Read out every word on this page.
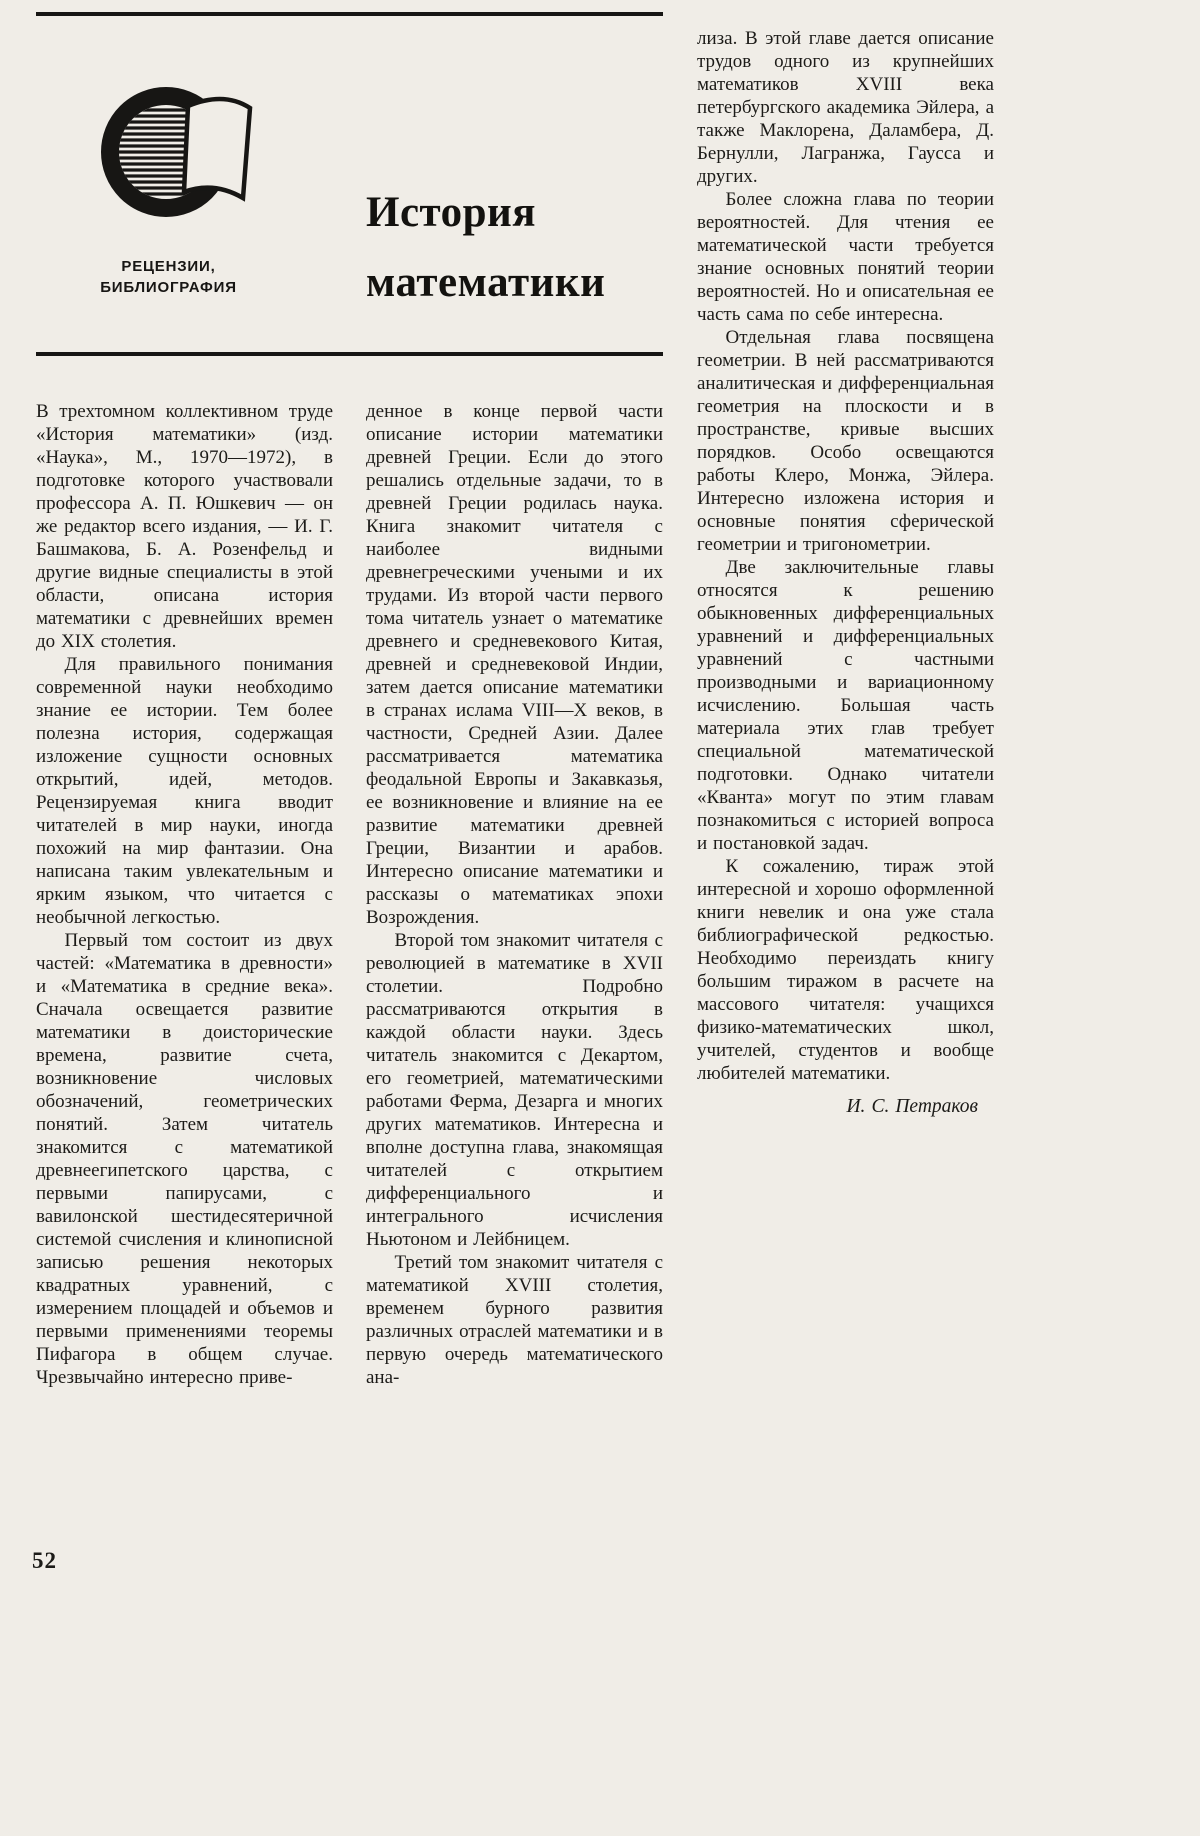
РЕЦЕНЗИИ,
БИБЛИОГРАФИЯ
История
математики

В трехтомном коллективном труде «История математики» (изд. «Наука», М., 1970—1972), в подготовке которого участвовали профессора А. П. Юшкевич — он же редактор всего издания, — И. Г. Башмакова, Б. А. Розенфельд и другие видные специалисты в этой области, описана история математики с древнейших времен до XIX столетия.

Для правильного понимания современной науки необходимо знание ее истории. Тем более полезна история, содержащая изложение сущности основных открытий, идей, методов. Рецензируемая книга вводит читателей в мир науки, иногда похожий на мир фантазии. Она написана таким увлекательным и ярким языком, что читается с необычной легкостью.

Первый том состоит из двух частей: «Математика в древности» и «Математика в средние века». Сначала освещается развитие математики в доисторические времена, развитие счета, возникновение числовых обозначений, геометрических понятий. Затем читатель знакомится с математикой древнеегипетского царства, с первыми папирусами, с вавилонской шестидесятеричной системой счисления и клинописной записью решения некоторых квадратных уравнений, с измерением площадей и объемов и первыми применениями теоремы Пифагора в общем случае. Чрезвычайно интересно приве-

денное в конце первой части описание истории математики древней Греции. Если до этого решались отдельные задачи, то в древней Греции родилась наука. Книга знакомит читателя с наиболее видными древнегреческими учеными и их трудами. Из второй части первого тома читатель узнает о математике древнего и средневекового Китая, древней и средневековой Индии, затем дается описание математики в странах ислама VIII—X веков, в частности, Средней Азии. Далее рассматривается математика феодальной Европы и Закавказья, ее возникновение и влияние на ее развитие математики древней Греции, Византии и арабов. Интересно описание математики и рассказы о математиках эпохи Возрождения.

Второй том знакомит читателя с революцией в математике в XVII столетии. Подробно рассматриваются открытия в каждой области науки. Здесь читатель знакомится с Декартом, его геометрией, математическими работами Ферма, Дезарга и многих других математиков. Интересна и вполне доступна глава, знакомящая читателей с открытием дифференциального и интегрального исчисления Ньютоном и Лейбницем.

Третий том знакомит читателя с математикой XVIII столетия, временем бурного развития различных отраслей математики и в первую очередь математического ана-

лиза. В этой главе дается описание трудов одного из крупнейших математиков XVIII века петербургского академика Эйлера, а также Маклорена, Даламбера, Д. Бернулли, Лагранжа, Гаусса и других.

Более сложна глава по теории вероятностей. Для чтения ее математической части требуется знание основных понятий теории вероятностей. Но и описательная ее часть сама по себе интересна.

Отдельная глава посвящена геометрии. В ней рассматриваются аналитическая и дифференциальная геометрия на плоскости и в пространстве, кривые высших порядков. Особо освещаются работы Клеро, Монжа, Эйлера. Интересно изложена история и основные понятия сферической геометрии и тригонометрии.

Две заключительные главы относятся к решению обыкновенных дифференциальных уравнений и дифференциальных уравнений с частными производными и вариационному исчислению. Большая часть материала этих глав требует специальной математической подготовки. Однако читатели «Кванта» могут по этим главам познакомиться с историей вопроса и постановкой задач.

К сожалению, тираж этой интересной и хорошо оформленной книги невелик и она уже стала библиографической редкостью. Необходимо переиздать книгу большим тиражом в расчете на массового читателя: учащихся физико-математических школ, учителей, студентов и вообще любителей математики.

И. С. Петраков
52
